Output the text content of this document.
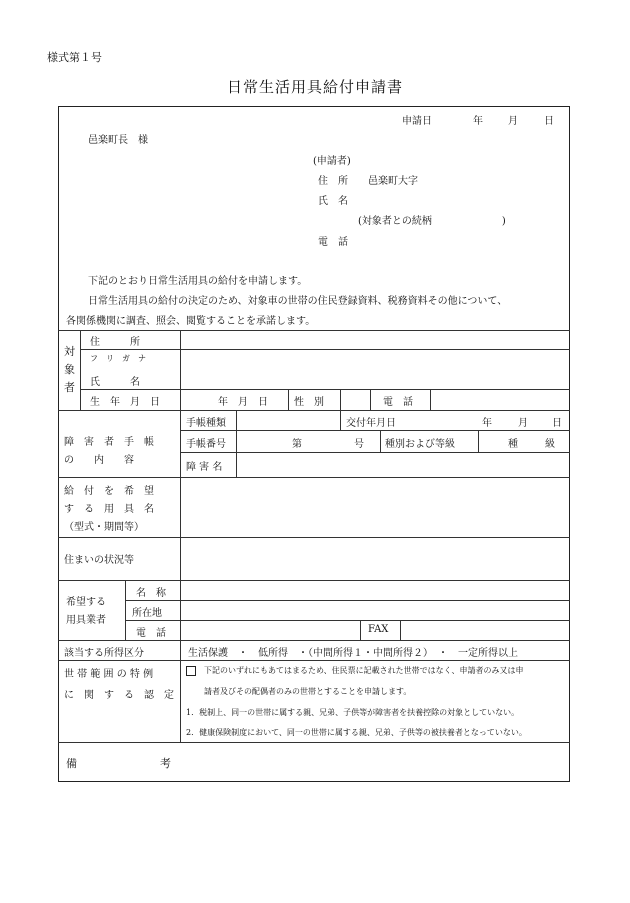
様式第１号
日常生活用具給付申請書
申請日	年	月	日
邑楽町長　様
(申請者)
住　所 邑楽町大字
氏　名
(対象者との続柄　　　　　　　)
電　話
下記のとおり日常生活用具の給付を申請します。
日常生活用具の給付の決定のため、対象車の世帯の住民登録資料、税務資料その他について、
各関係機関に調査、照会、閲覧することを承諾します。
対
象
者
住　　　所
フ　リ　ガ　ナ
氏　　　名
生　年　月　日	年　月　日	性　別	電　話
障　害　者　手　帳
の　　内　　容
手帳種類	交付年月日	年	月 日
手帳番号	第	号 種別および等級	種	級
障 害 名
給　付　を　希　望
す　る　用　具　名
（型式・期間等）
住まいの状況等
希望する
用具業者
名　称
所在地
電　話	FAX
該当する所得区分	生活保護　・　低所得　・（中間所得１・中間所得２）　・　一定所得以上
世 帯 範 囲 の 特 例
に　関　す　る　認　定
下記のいずれにもあてはまるため、住民票に記載された世帯ではなく、申請者のみ又は申
請者及びその配偶者のみの世帯とすることを申請します。
1．税制上、同一の世帯に属する親、兄弟、子供等が障害者を扶養控除の対象としていない。
2．健康保険制度において、同一の世帯に属する親、兄弟、子供等の被扶養者となっていない。
備	考
